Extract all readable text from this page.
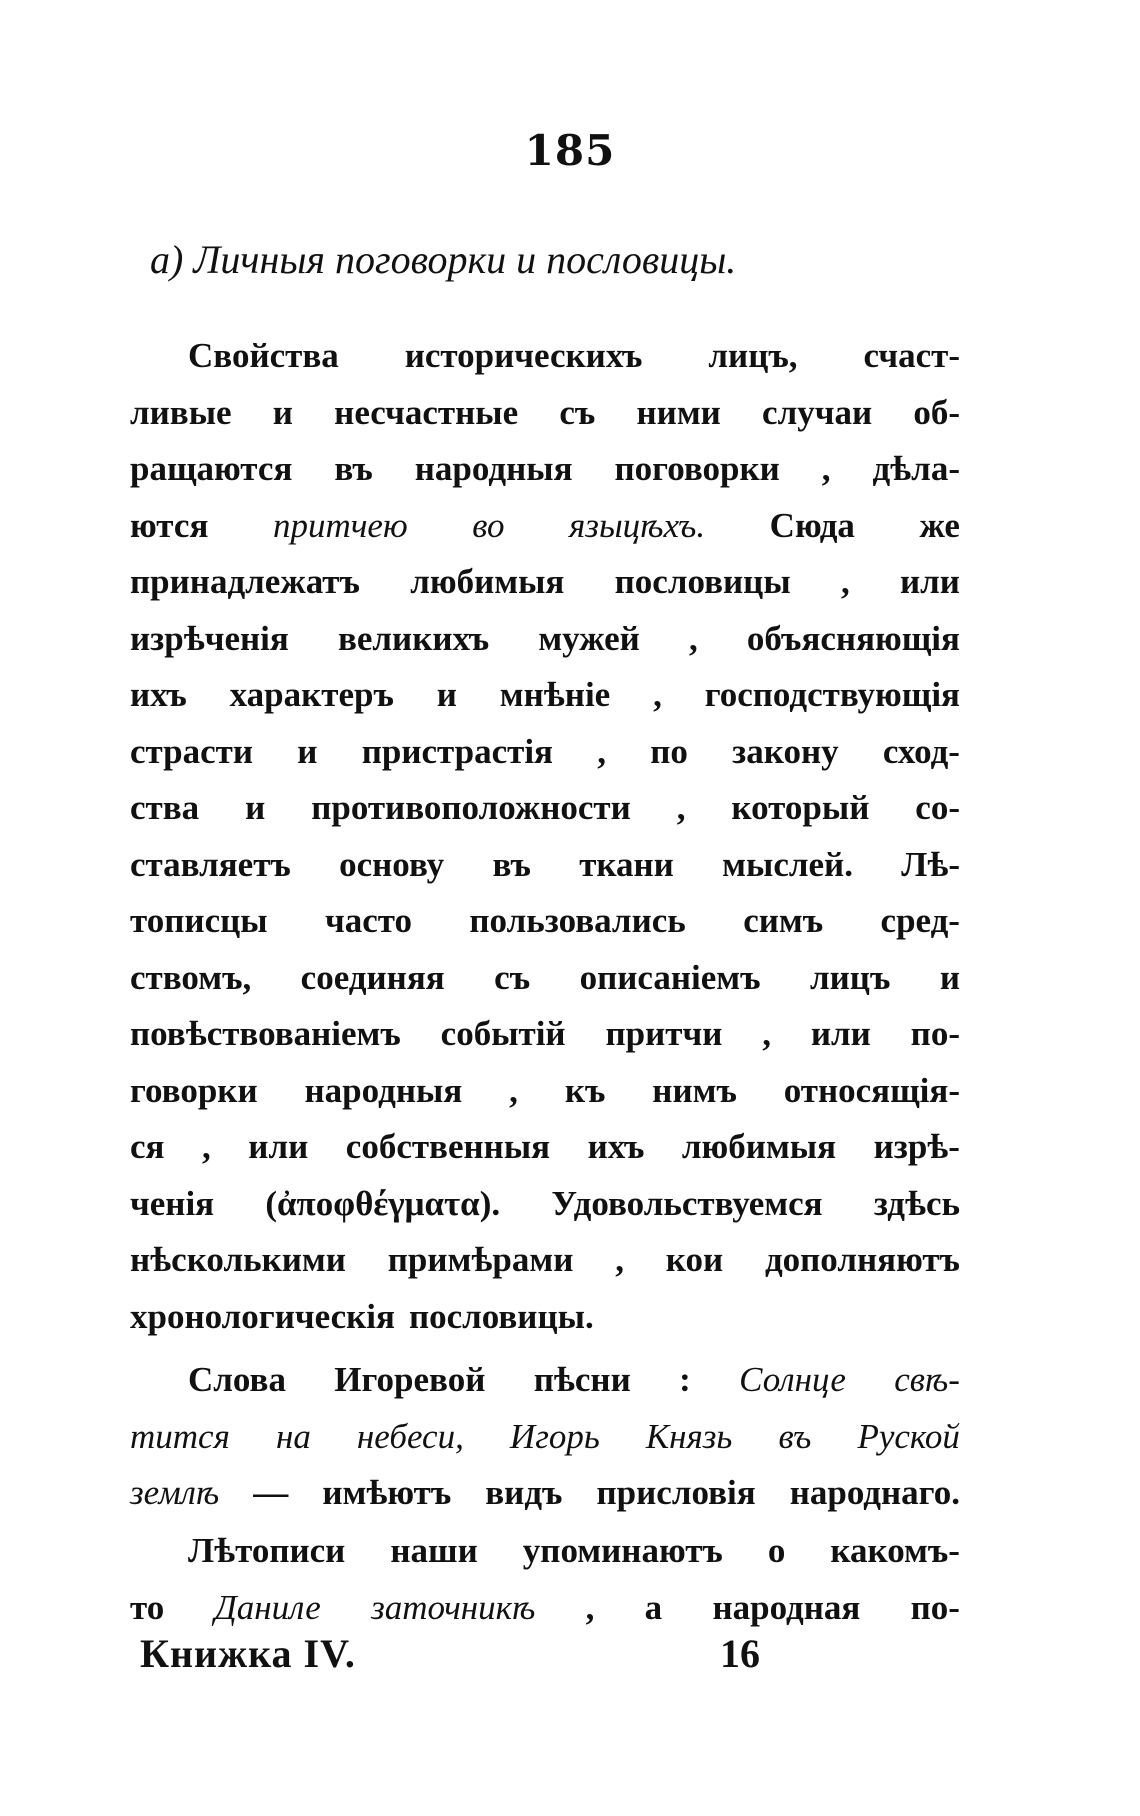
185
а) Личныя поговорки и пословицы.
Свойства историческихъ лицъ, счаст-
ливые и несчастные съ ними случаи об-
ращаются въ народныя поговорки , дѣла-
ются притчею во языцѣхъ. Сюда же
принадлежатъ любимыя пословицы , или
изрѣченія великихъ мужей , объясняющія
ихъ характеръ и мнѣніе , господствующія
страсти и пристрастія , по закону сход-
ства и противоположности , который со-
ставляетъ основу въ ткани мыслей. Лѣ-
тописцы часто пользовались симъ сред-
ствомъ, соединяя съ описаніемъ лицъ и
повѣствованіемъ событій притчи , или по-
говорки народныя , къ нимъ относящія-
ся , или собственныя ихъ любимыя изрѣ-
ченія (ἀποφθέγματα). Удовольствуемся здѣсь
нѣсколькими примѣрами , кои дополняютъ
хронологическія пословицы.
Слова Игоревой пѣсни : Солнце свѣ-
тится на небеси, Игорь Князь въ Руской
землѣ — имѣютъ видъ присловія народнаго.
Лѣтописи наши упоминаютъ о какомъ-
то Даниле заточникѣ , а народная по-
Книжка IV.	16
